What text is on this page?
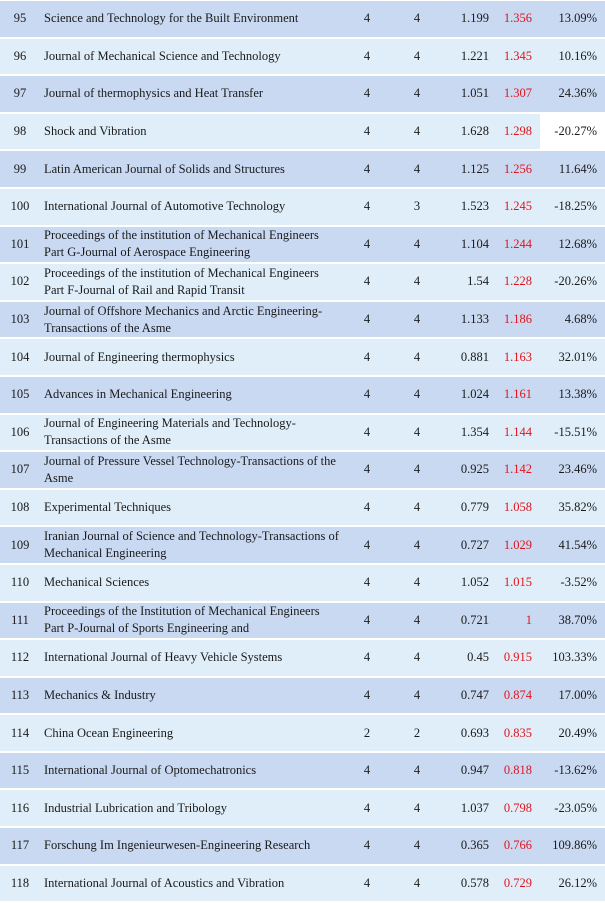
95	Science and Technology for the Built Environment	4	4	1.199	1.356	13.09%
96	Journal of Mechanical Science and Technology	4	4	1.221	1.345	10.16%
97	Journal of thermophysics and Heat Transfer	4	4	1.051	1.307	24.36%
98	Shock and Vibration	4	4	1.628	1.298	-20.27%
99	Latin American Journal of Solids and Structures	4	4	1.125	1.256	11.64%
100	International Journal of Automotive Technology	4	3	1.523	1.245	-18.25%
101	Proceedings of the institution of Mechanical Engineers Part G-Journal of Aerospace Engineering	4	4	1.104	1.244	12.68%
102	Proceedings of the institution of Mechanical Engineers Part F-Journal of Rail and Rapid Transit	4	4	1.54	1.228	-20.26%
103	Journal of Offshore Mechanics and Arctic Engineering-Transactions of the Asme	4	4	1.133	1.186	4.68%
104	Journal of Engineering thermophysics	4	4	0.881	1.163	32.01%
105	Advances in Mechanical Engineering	4	4	1.024	1.161	13.38%
106	Journal of Engineering Materials and Technology-Transactions of the Asme	4	4	1.354	1.144	-15.51%
107	Journal of Pressure Vessel Technology-Transactions of the Asme	4	4	0.925	1.142	23.46%
108	Experimental Techniques	4	4	0.779	1.058	35.82%
109	Iranian Journal of Science and Technology-Transactions of Mechanical Engineering	4	4	0.727	1.029	41.54%
110	Mechanical Sciences	4	4	1.052	1.015	-3.52%
111	Proceedings of the Institution of Mechanical Engineers Part P-Journal of Sports Engineering and	4	4	0.721	1	38.70%
112	International Journal of Heavy Vehicle Systems	4	4	0.45	0.915	103.33%
113	Mechanics & Industry	4	4	0.747	0.874	17.00%
114	China Ocean Engineering	2	2	0.693	0.835	20.49%
115	International Journal of Optomechatronics	4	4	0.947	0.818	-13.62%
116	Industrial Lubrication and Tribology	4	4	1.037	0.798	-23.05%
117	Forschung Im Ingenieurwesen-Engineering Research	4	4	0.365	0.766	109.86%
118	International Journal of Acoustics and Vibration	4	4	0.578	0.729	26.12%
